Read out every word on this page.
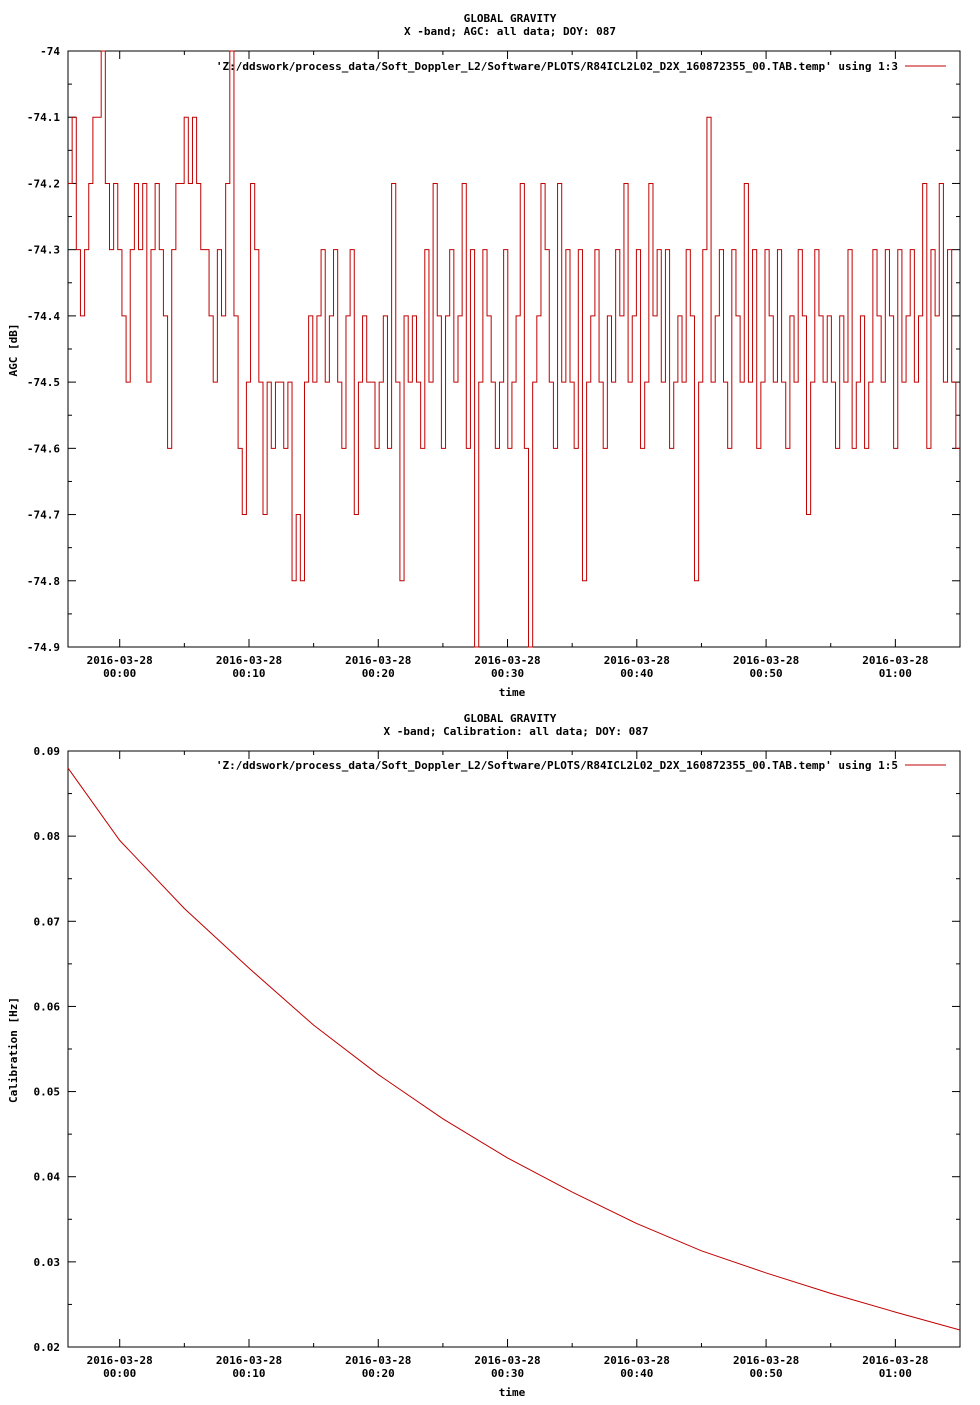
GLOBAL GRAVITY
X -band; AGC: all data; DOY: 087
time
AGC [dB]
'Z:/ddswork/process_data/Soft_Doppler_L2/Software/PLOTS/R84ICL2L02_D2X_160872355_00.TAB.temp' using 1:3
-74
-74.1
-74.2
-74.3
-74.4
-74.5
-74.6
-74.7
-74.8
-74.9
2016-03-28
00:00
2016-03-28
00:10
2016-03-28
00:20
2016-03-28
00:30
2016-03-28
00:40
2016-03-28
00:50
2016-03-28
01:00
GLOBAL GRAVITY
X -band; Calibration: all data; DOY: 087
time
Calibration [Hz]
'Z:/ddswork/process_data/Soft_Doppler_L2/Software/PLOTS/R84ICL2L02_D2X_160872355_00.TAB.temp' using 1:5
0.09
0.08
0.07
0.06
0.05
0.04
0.03
0.02
2016-03-28
00:00
2016-03-28
00:10
2016-03-28
00:20
2016-03-28
00:30
2016-03-28
00:40
2016-03-28
00:50
2016-03-28
01:00
